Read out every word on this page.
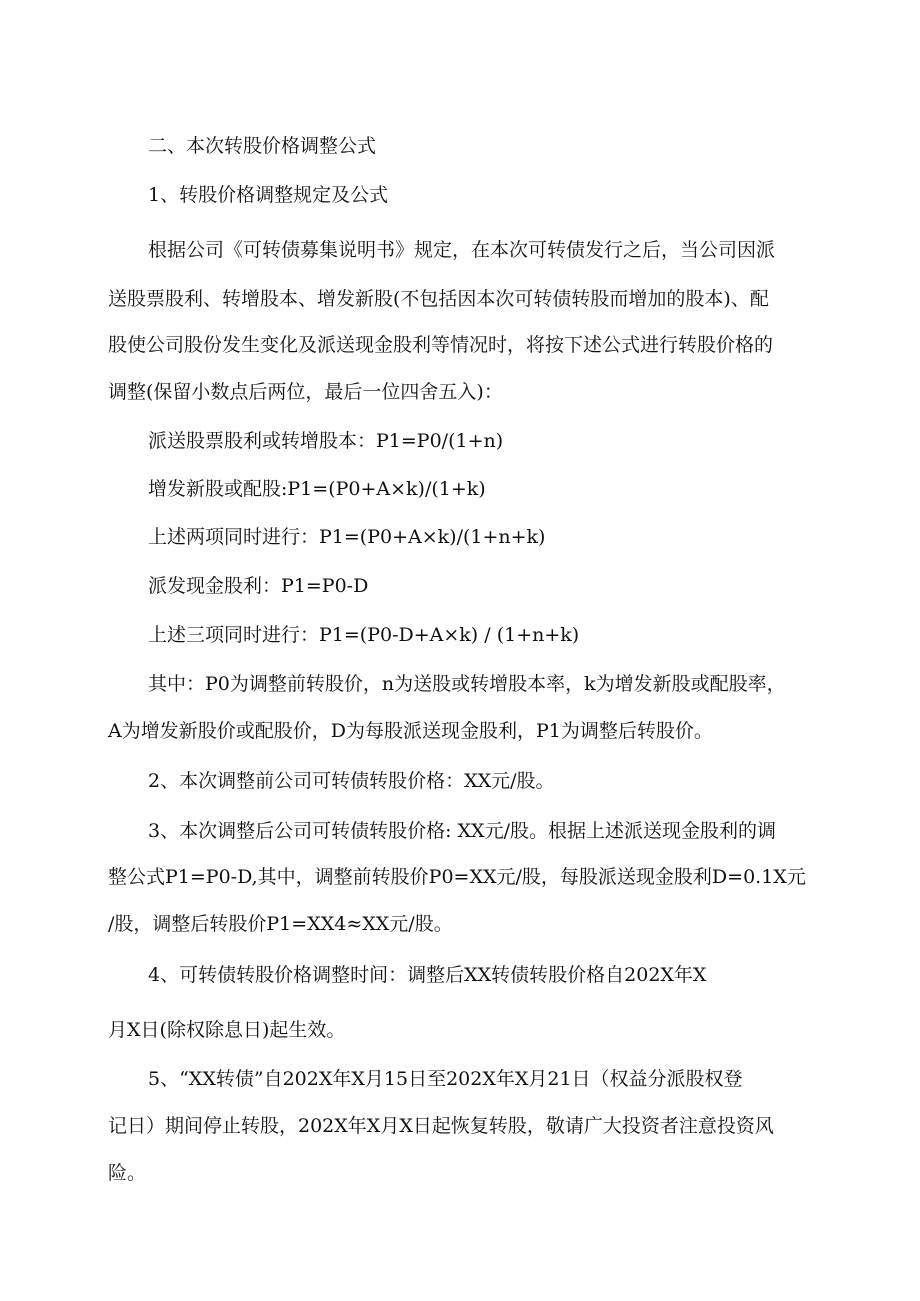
二、本次转股价格调整公式
1、转股价格调整规定及公式
根据公司《可转债募集说明书》规定，在本次可转债发行之后，当公司因派
送股票股利、转增股本、增发新股(不包括因本次可转债转股而增加的股本)、配
股使公司股份发生变化及派送现金股利等情况时，将按下述公式进行转股价格的
调整(保留小数点后两位，最后一位四舍五入)：
派送股票股利或转增股本：P1=P0/(1+n)
增发新股或配股:P1=(P0+A×k)/(1+k)
上述两项同时进行：P1=(P0+A×k)/(1+n+k)
派发现金股利：P1=P0-D
上述三项同时进行：P1=(P0-D+A×k) / (1+n+k)
其中：P0为调整前转股价，n为送股或转增股本率，k为增发新股或配股率，
A为增发新股价或配股价，D为每股派送现金股利，P1为调整后转股价。
2、本次调整前公司可转债转股价格：XX元/股。
3、本次调整后公司可转债转股价格: XX元/股。根据上述派送现金股利的调
整公式P1=P0-D,其中，调整前转股价P0=XX元/股，每股派送现金股利D=0.1X元
/股，调整后转股价P1=XX4≈XX元/股。
4、可转债转股价格调整时间：调整后XX转债转股价格自202X年X
月X日(除权除息日)起生效。
5、“XX转债”自202X年X月15日至202X年X月21日（权益分派股权登
记日）期间停止转股，202X年X月X日起恢复转股，敬请广大投资者注意投资风
险。
